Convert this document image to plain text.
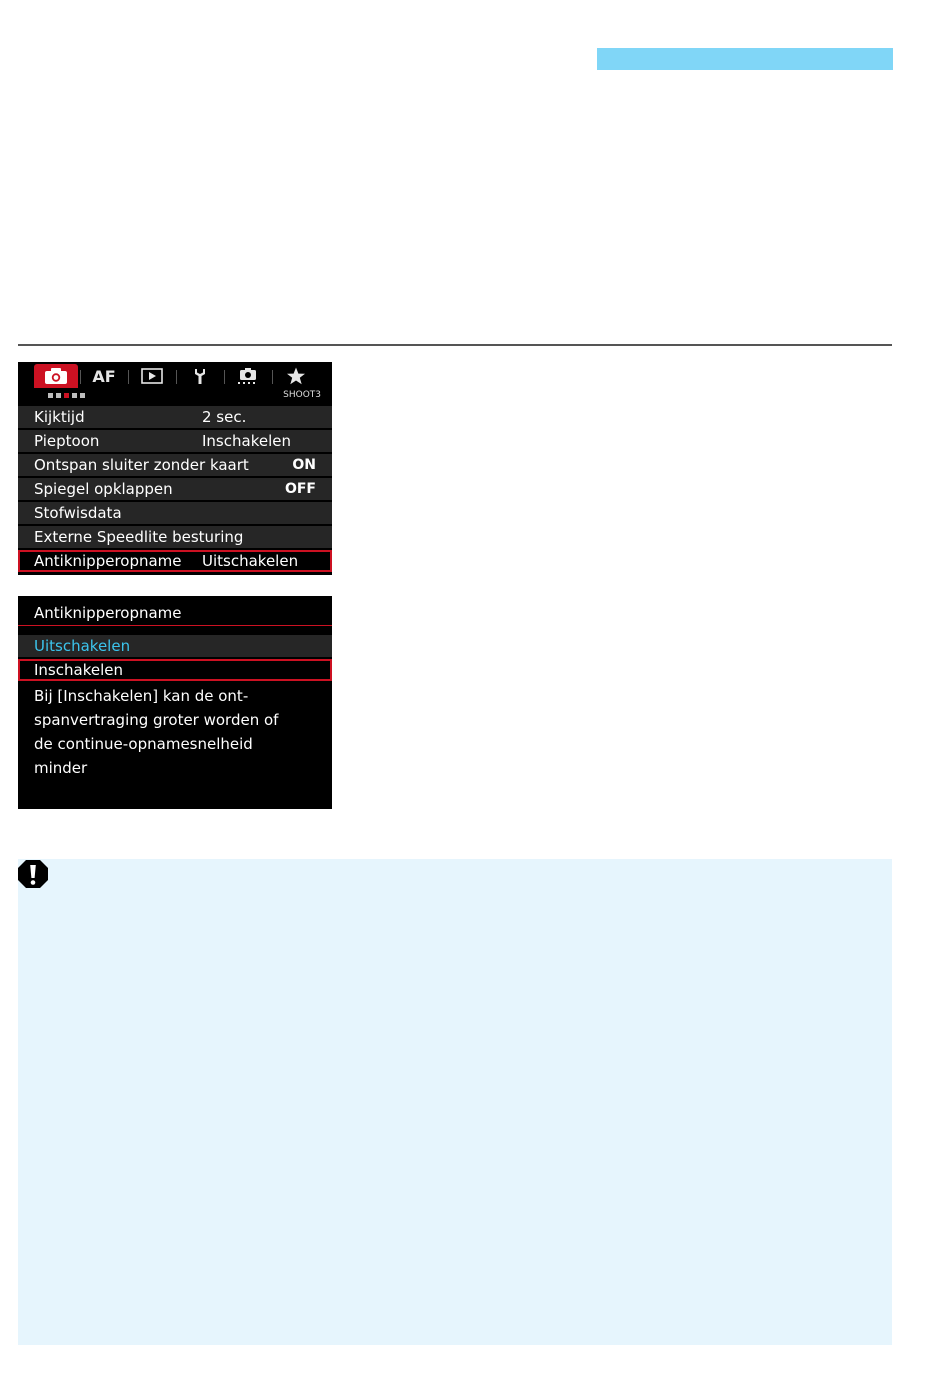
AF
SHOOT3
Kijktijd	2 sec.
Pieptoon	Inschakelen
Ontspan sluiter zonder kaart	ON
Spiegel opklappen	OFF
Stofwisdata
Externe Speedlite besturing
Antiknipperopname Uitschakelen
Antiknipperopname
Uitschakelen
Inschakelen
Bij [Inschakelen] kan de ont-
spanvertraging groter worden of
de continue-opnamesnelheid
minder
